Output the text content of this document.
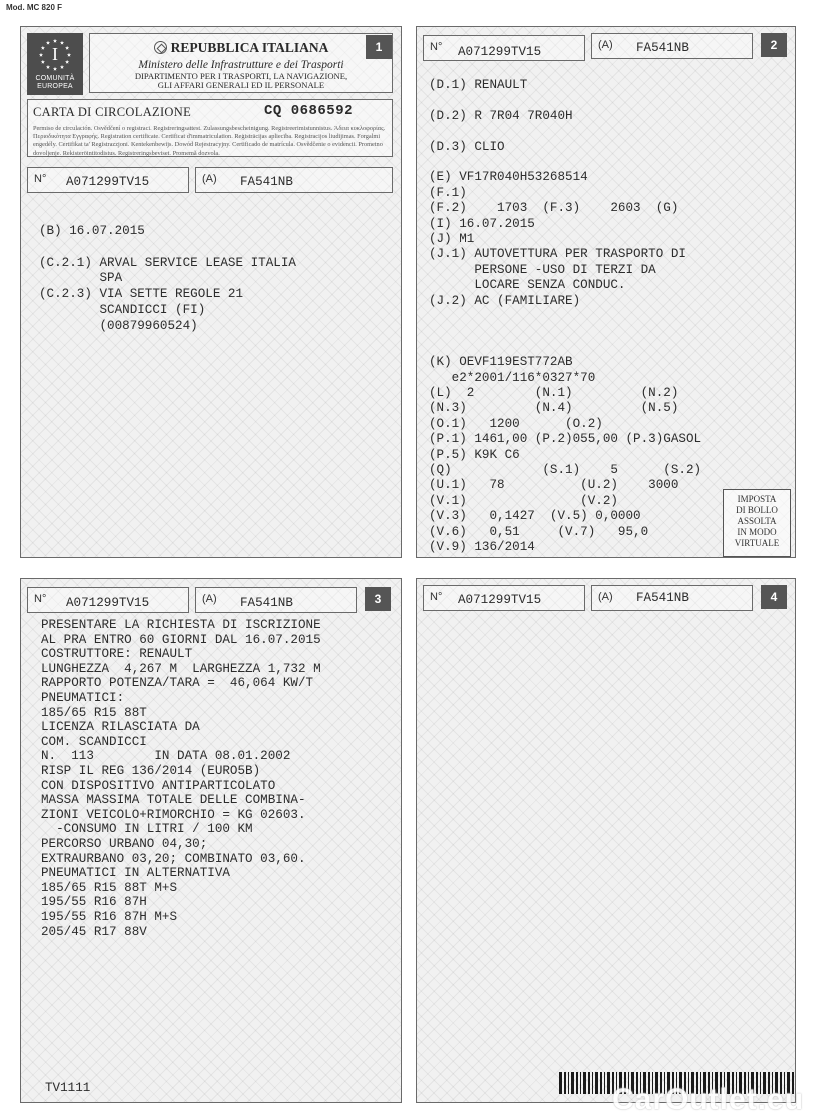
Mod. MC 820 F
I
COMUNITÀ
EUROPEA
REPUBBLICA ITALIANA
Ministero delle Infrastrutture e dei Trasporti
DIPARTIMENTO PER I TRASPORTI, LA NAVIGAZIONE,
GLI AFFARI GENERALI ED IL PERSONALE
1
CARTA DI CIRCOLAZIONE	CQ 0686592
Permiso de circulación. Osvědčení o registraci. Registreringsattest. Zulassungsbescheinigung. Registreerimistunnistus. Άδεια κυκλοφορίας. Περιοδικότητα Εγγραφής. Registration certificate. Certificat d'immatriculation. Reģistrācijas apliecība. Registracijos liudijimas. Forgalmi engedély. Certifikat ta' Registrazzjoni. Kentekenbewijs. Dowód Rejestracyjny. Certificado de matrícula. Osvědčenie o evidencii. Prometno dovoljenje. Rekisteröintitodistus. Registreringsbeviset. Promemă dozvola.
N° A071299TV15	(A) FA541NB
(B) 16.07.2015
(C.2.1) ARVAL SERVICE LEASE ITALIA
SPA
(C.2.3) VIA SETTE REGOLE 21
SCANDICCI (FI)
(00879960524)
N° A071299TV15	(A) FA541NB	2
(D.1) RENAULT
(D.2) R 7R04 7R040H
(D.3) CLIO
(E) VF17R040H53268514
(F.1)
(F.2)    1703  (F.3)    2603  (G)
(I) 16.07.2015
(J) M1
(J.1) AUTOVETTURA PER TRASPORTO DI
PERSONE -USO DI TERZI DA
LOCARE SENZA CONDUC.
(J.2) AC (FAMILIARE)
(K) OEVF119EST772AB
e2*2001/116*0327*70
(L)  2        (N.1)         (N.2)
(N.3)         (N.4)         (N.5)
(O.1)   1200      (O.2)
(P.1) 1461,00 (P.2)055,00 (P.3)GASOL
(P.5) K9K C6
(Q)            (S.1)    5      (S.2)
(U.1)   78          (U.2)    3000
(V.1)               (V.2)
(V.3)   0,1427  (V.5) 0,0000
(V.6)   0,51     (V.7)   95,0
(V.9) 136/2014
IMPOSTA
DI BOLLO
ASSOLTA
IN MODO
VIRTUALE
N° A071299TV15	(A) FA541NB	3
PRESENTARE LA RICHIESTA DI ISCRIZIONE
AL PRA ENTRO 60 GIORNI DAL 16.07.2015
COSTRUTTORE: RENAULT
LUNGHEZZA  4,267 M  LARGHEZZA 1,732 M
RAPPORTO POTENZA/TARA =  46,064 KW/T
PNEUMATICI:
185/65 R15 88T
LICENZA RILASCIATA DA
COM. SCANDICCI
N.  113        IN DATA 08.01.2002
RISP IL REG 136/2014 (EURO5B)
CON DISPOSITIVO ANTIPARTICOLATO
MASSA MASSIMA TOTALE DELLE COMBINA-
ZIONI VEICOLO+RIMORCHIO = KG 02603.
-CONSUMO IN LITRI / 100 KM
PERCORSO URBANO 04,30;
EXTRAURBANO 03,20; COMBINATO 03,60.
PNEUMATICI IN ALTERNATIVA
185/65 R15 88T M+S
195/55 R16 87H
195/55 R16 87H M+S
205/45 R17 88V
TV1111
N° A071299TV15	(A) FA541NB	4
CarOutlet.eu
